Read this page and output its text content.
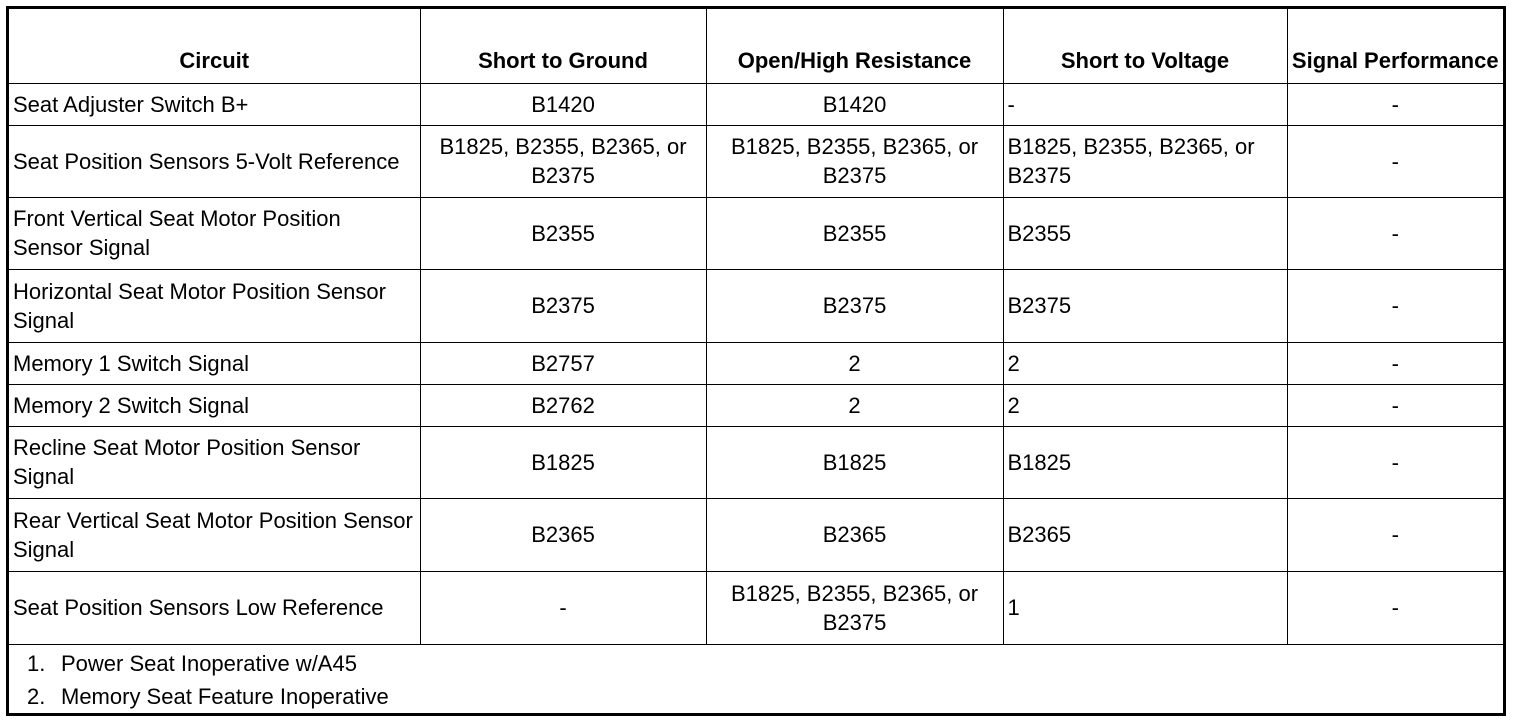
Circuit	Short to Ground	Open/High Resistance	Short to Voltage	Signal Performance
Seat Adjuster Switch B+	B1420	B1420	-	-
Seat Position Sensors 5-Volt Reference	B1825, B2355, B2365, or B2375	B1825, B2355, B2365, or B2375	B1825, B2355, B2365, or B2375	-
Front Vertical Seat Motor Position Sensor Signal	B2355	B2355	B2355	-
Horizontal Seat Motor Position Sensor Signal	B2375	B2375	B2375	-
Memory 1 Switch Signal	B2757	2	2	-
Memory 2 Switch Signal	B2762	2	2	-
Recline Seat Motor Position Sensor Signal	B1825	B1825	B1825	-
Rear Vertical Seat Motor Position Sensor Signal	B2365	B2365	B2365	-
Seat Position Sensors Low Reference	-	B1825, B2355, B2365, or B2375	1	-
1. Power Seat Inoperative w/A45
2. Memory Seat Feature Inoperative
